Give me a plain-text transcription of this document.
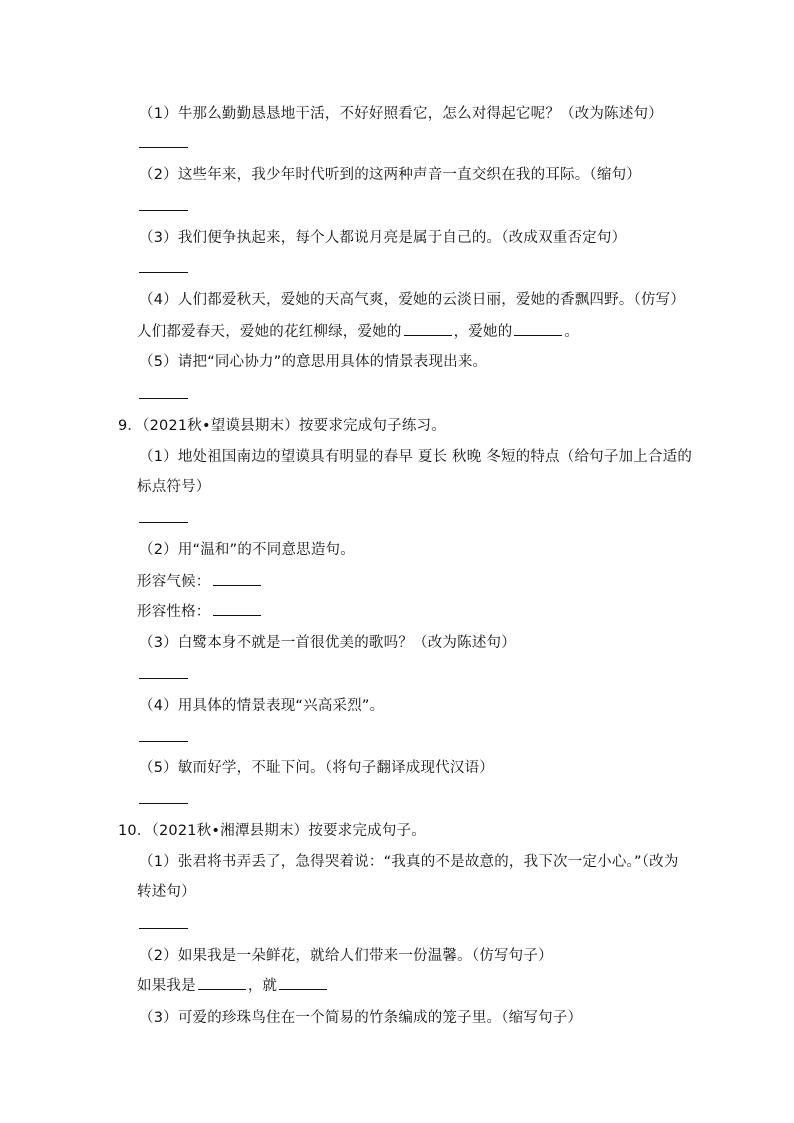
（1）牛那么勤勤恳恳地干活，不好好照看它，怎么对得起它呢？（改为陈述句）
（2）这些年来，我少年时代听到的这两种声音一直交织在我的耳际。（缩句）
（3）我们便争执起来，每个人都说月亮是属于自己的。（改成双重否定句）
（4）人们都爱秋天，爱她的天高气爽，爱她的云淡日丽，爱她的香飘四野。（仿写）
人们都爱春天，爱她的花红柳绿，爱她的	，爱她的	。
（5）请把“同心协力”的意思用具体的情景表现出来。
9．（2021秋•望谟县期末）按要求完成句子练习。
（1）地处祖国南边的望谟具有明显的春早 夏长 秋晚 冬短的特点（给句子加上合适的
标点符号）
（2）用“温和”的不同意思造句。
形容气候：
形容性格：
（3）白鹭本身不就是一首很优美的歌吗？（改为陈述句）
（4）用具体的情景表现“兴高采烈”。
（5）敏而好学，不耻下问。（将句子翻译成现代汉语）
10．（2021秋•湘潭县期末）按要求完成句子。
（1）张君将书弄丢了，急得哭着说：“我真的不是故意的，我下次一定小心。”（改为
转述句）
（2）如果我是一朵鲜花，就给人们带来一份温馨。（仿写句子）
如果我是	，就
（3）可爱的珍珠鸟住在一个简易的竹条编成的笼子里。（缩写句子）
